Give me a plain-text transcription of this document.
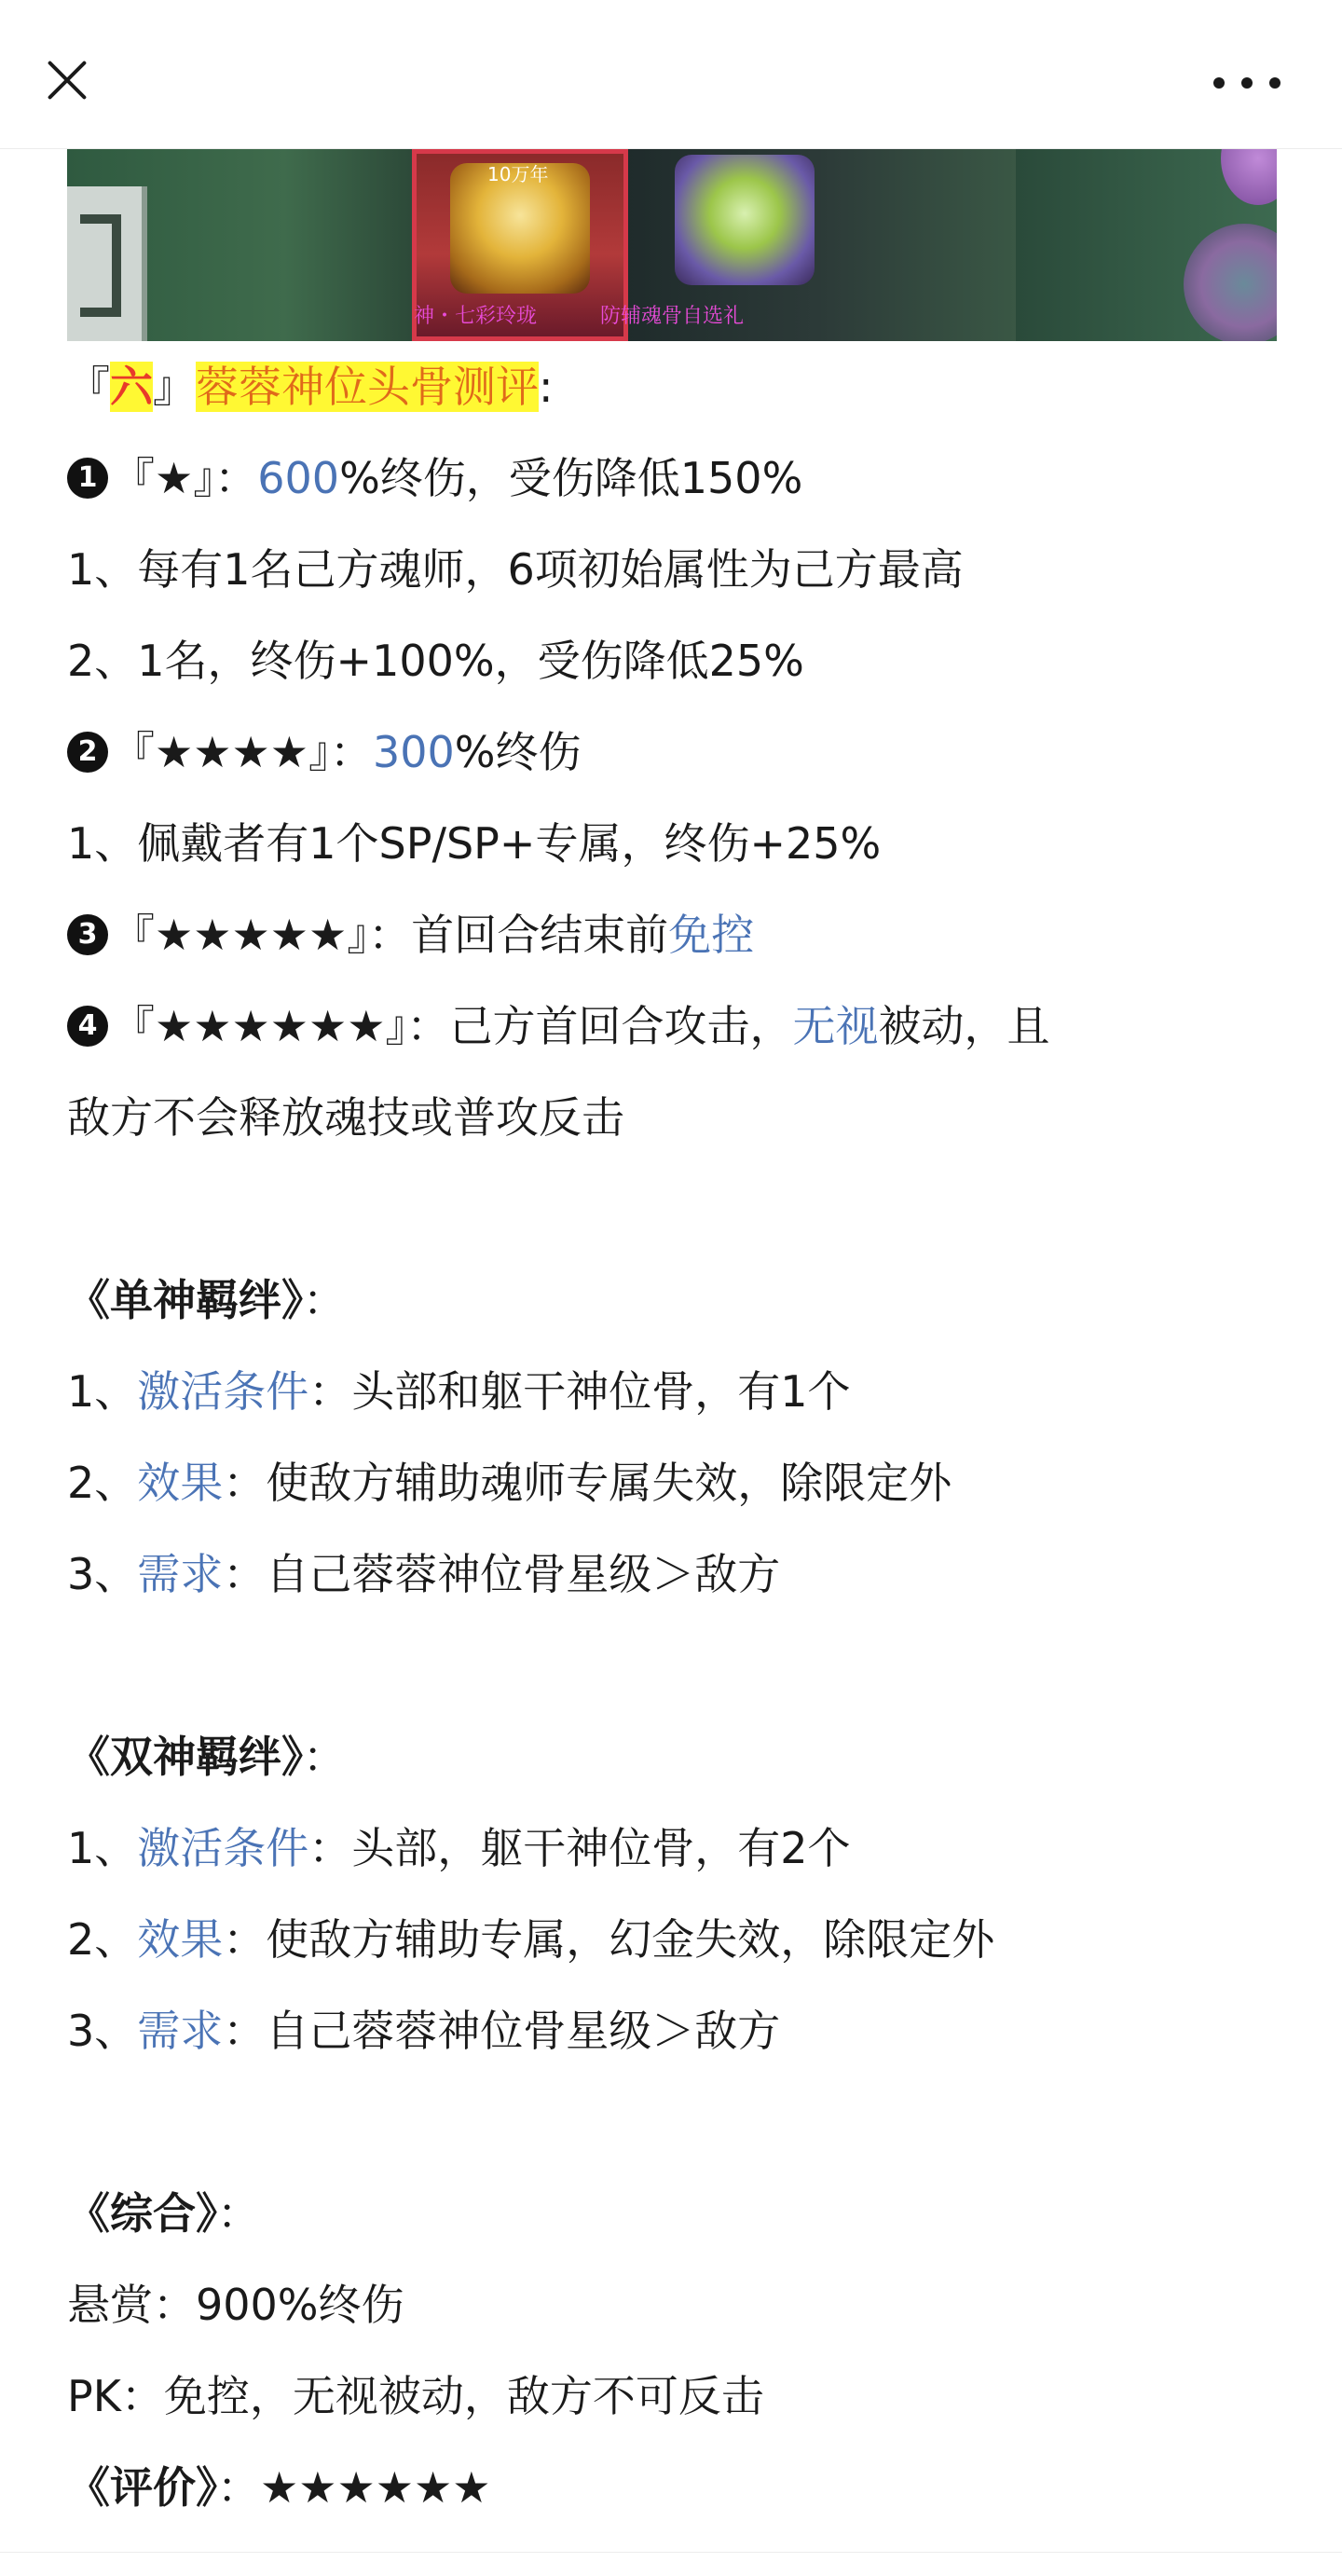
10万年
神・七彩玲珑	防辅魂骨自选礼
『六』蓉蓉神位头骨测评:
1 『★』：600%终伤，受伤降低150%
1、每有1名己方魂师，6项初始属性为己方最高
2、1名，终伤+100%，受伤降低25%
2 『★★★★』：300%终伤
1、佩戴者有1个SP/SP+专属，终伤+25%
3 『★★★★★』：首回合结束前免控
4 『★★★★★★』：己方首回合攻击，无视被动，且
敌方不会释放魂技或普攻反击
《单神羁绊》：
1、激活条件：头部和躯干神位骨，有1个
2、效果：使敌方辅助魂师专属失效，除限定外
3、需求：自己蓉蓉神位骨星级＞敌方
《双神羁绊》：
1、激活条件：头部，躯干神位骨，有2个
2、效果：使敌方辅助专属，幻金失效，除限定外
3、需求：自己蓉蓉神位骨星级＞敌方
《综合》：
悬赏：900%终伤
PK：免控，无视被动，敌方不可反击
《评价》：★★★★★★
